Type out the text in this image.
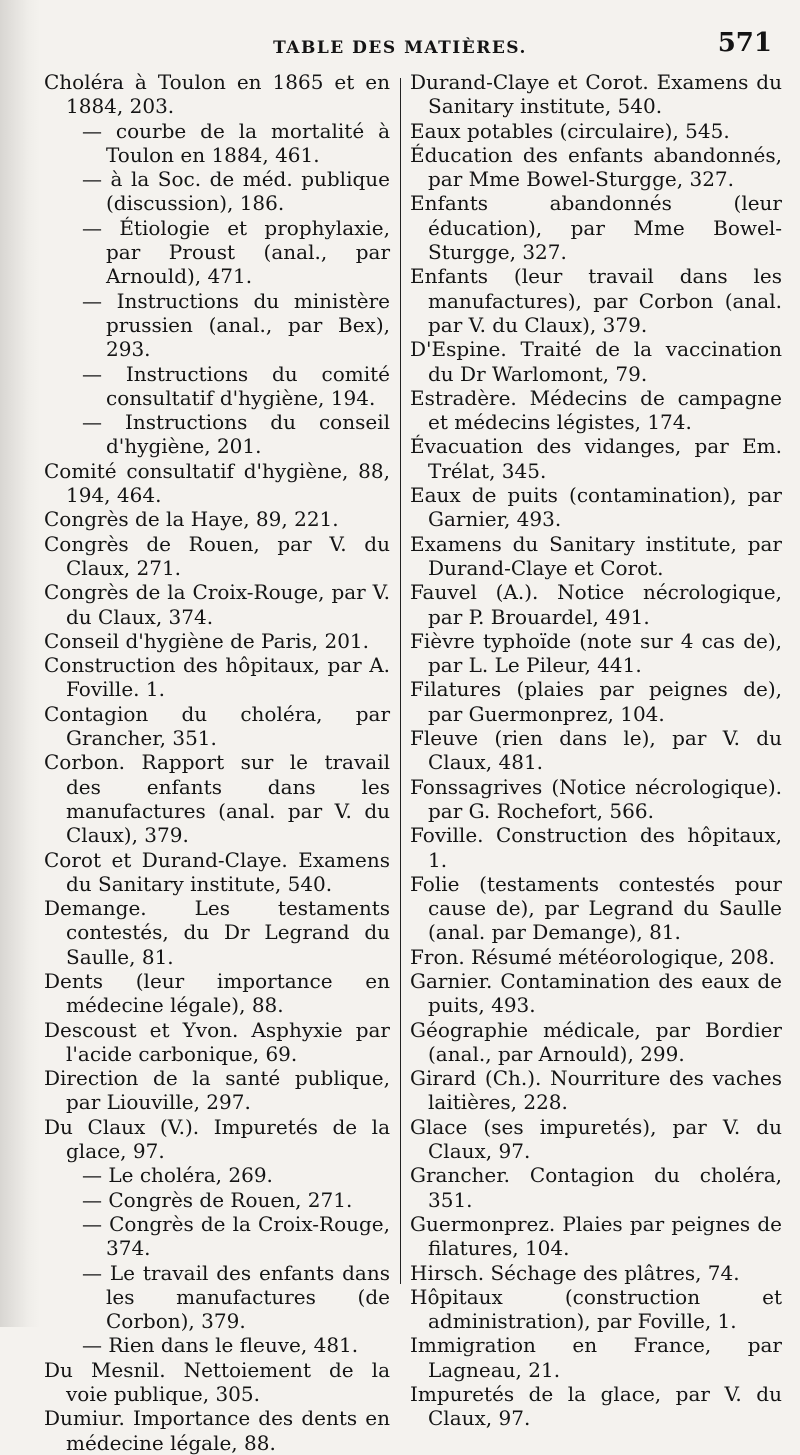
TABLE DES MATIÈRES.	571

Choléra à Toulon en 1865 et en 1884, 203.

— courbe de la mortalité à Toulon en 1884, 461.

— à la Soc. de méd. publique (discussion), 186.

— Étiologie et prophylaxie, par Proust (anal., par Arnould), 471.

— Instructions du ministère prussien (anal., par Bex), 293.

— Instructions du comité consultatif d'hygiène, 194.

— Instructions du conseil d'hygiène, 201.

Comité consultatif d'hygiène, 88, 194, 464.

Congrès de la Haye, 89, 221.

Congrès de Rouen, par V. du Claux, 271.

Congrès de la Croix-Rouge, par V. du Claux, 374.

Conseil d'hygiène de Paris, 201.

Construction des hôpitaux, par A. Foville. 1.

Contagion du choléra, par Grancher, 351.

Corbon. Rapport sur le travail des enfants dans les manufactures (anal. par V. du Claux), 379.

Corot et Durand-Claye. Examens du Sanitary institute, 540.

Demange. Les testaments contestés, du Dr Legrand du Saulle, 81.

Dents (leur importance en médecine légale), 88.

Descoust et Yvon. Asphyxie par l'acide carbonique, 69.

Direction de la santé publique, par Liouville, 297.

Du Claux (V.). Impuretés de la glace, 97.

— Le choléra, 269.

— Congrès de Rouen, 271.

— Congrès de la Croix-Rouge, 374.

— Le travail des enfants dans les manufactures (de Corbon), 379.

— Rien dans le fleuve, 481.

Du Mesnil. Nettoiement de la voie publique, 305.

Dumiur. Importance des dents en médecine légale, 88.

Durand-Claye et Corot. Examens du Sanitary institute, 540.

Eaux potables (circulaire), 545.

Éducation des enfants abandonnés, par Mme Bowel-Sturgge, 327.

Enfants abandonnés (leur éducation), par Mme Bowel-Sturgge, 327.

Enfants (leur travail dans les manufactures), par Corbon (anal. par V. du Claux), 379.

D'Espine. Traité de la vaccination du Dr Warlomont, 79.

Estradère. Médecins de campagne et médecins légistes, 174.

Évacuation des vidanges, par Em. Trélat, 345.

Eaux de puits (contamination), par Garnier, 493.

Examens du Sanitary institute, par Durand-Claye et Corot.

Fauvel (A.). Notice nécrologique, par P. Brouardel, 491.

Fièvre typhoïde (note sur 4 cas de), par L. Le Pileur, 441.

Filatures (plaies par peignes de), par Guermonprez, 104.

Fleuve (rien dans le), par V. du Claux, 481.

Fonssagrives (Notice nécrologique). par G. Rochefort, 566.

Foville. Construction des hôpitaux, 1.

Folie (testaments contestés pour cause de), par Legrand du Saulle (anal. par Demange), 81.

Fron. Résumé météorologique, 208.

Garnier. Contamination des eaux de puits, 493.

Géographie médicale, par Bordier (anal., par Arnould), 299.

Girard (Ch.). Nourriture des vaches laitières, 228.

Glace (ses impuretés), par V. du Claux, 97.

Grancher. Contagion du choléra, 351.

Guermonprez. Plaies par peignes de filatures, 104.

Hirsch. Séchage des plâtres, 74.

Hôpitaux (construction et administration), par Foville, 1.

Immigration en France, par Lagneau, 21.

Impuretés de la glace, par V. du Claux, 97.
